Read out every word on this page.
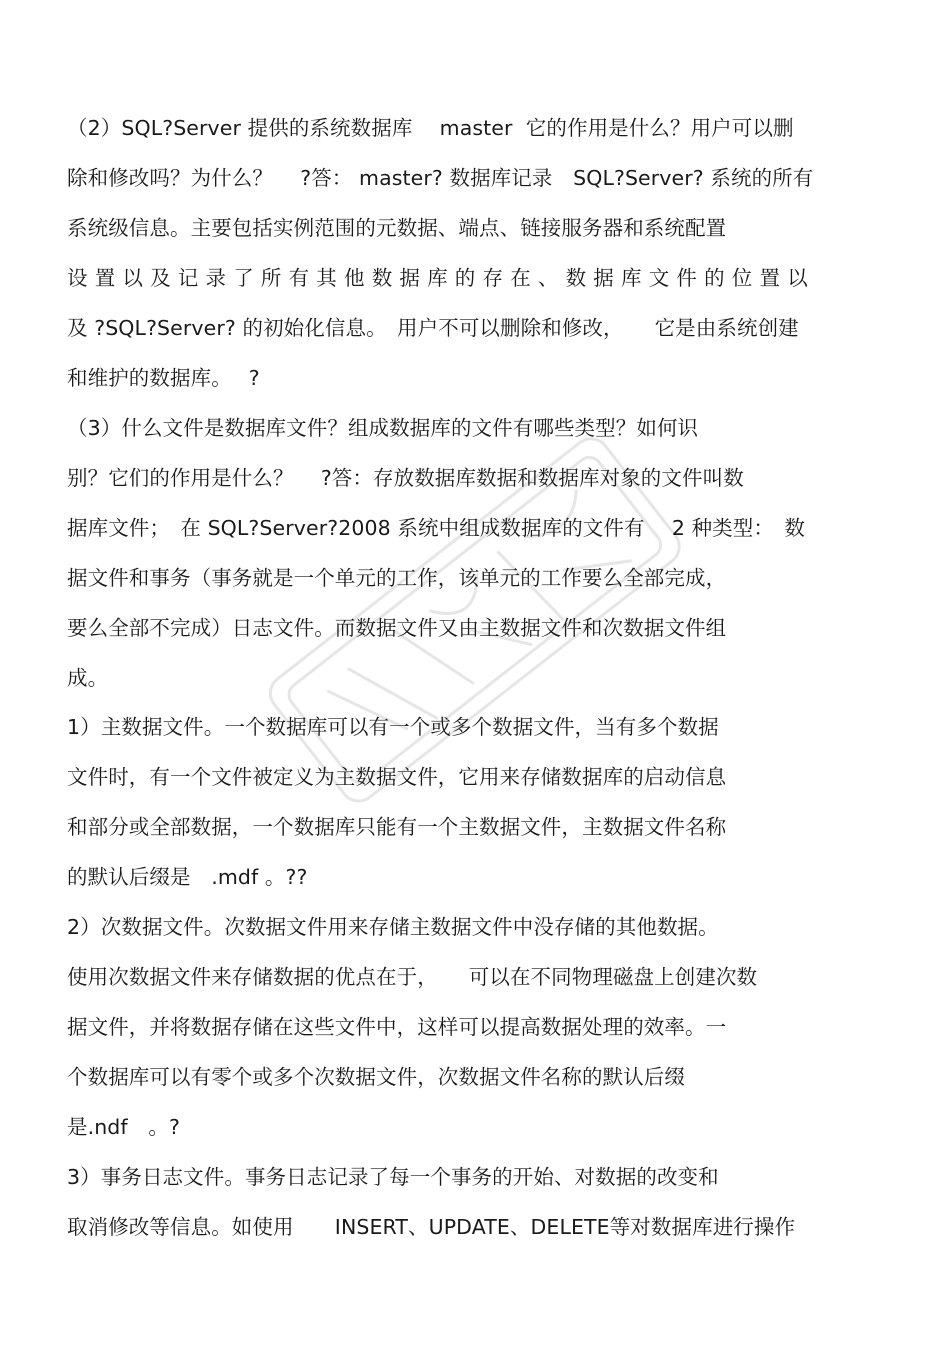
（2）SQL?Server 提供的系统数据库　 master  它的作用是什么？用户可以删
除和修改吗？为什么？　 ?答： master? 数据库记录　SQL?Server? 系统的所有
系统级信息。主要包括实例范围的元数据、端点、链接服务器和系统配置
设置以及记录了所有其他数据库的存在、数据库文件的位置以
及 ?SQL?Server? 的初始化信息。　用户不可以删除和修改，　　它是由系统创建
和维护的数据库。　 ?
（3）什么文件是数据库文件？组成数据库的文件有哪些类型？如何识
别？它们的作用是什么？　 ?答：存放数据库数据和数据库对象的文件叫数
据库文件；　在 SQL?Server?2008 系统中组成数据库的文件有　 2 种类型：　数
据文件和事务（事务就是一个单元的工作，该单元的工作要么全部完成，
要么全部不完成）日志文件。而数据文件又由主数据文件和次数据文件组
成。
1）主数据文件。一个数据库可以有一个或多个数据文件，当有多个数据
文件时，有一个文件被定义为主数据文件，它用来存储数据库的启动信息
和部分或全部数据，一个数据库只能有一个主数据文件，主数据文件名称
的默认后缀是　.mdf 。??
2）次数据文件。次数据文件用来存储主数据文件中没存储的其他数据。
使用次数据文件来存储数据的优点在于，　　可以在不同物理磁盘上创建次数
据文件，并将数据存储在这些文件中，这样可以提高数据处理的效率。一
个数据库可以有零个或多个次数据文件，次数据文件名称的默认后缀
是.ndf　。?
3）事务日志文件。事务日志记录了每一个事务的开始、对数据的改变和
取消修改等信息。如使用　　INSERT、UPDATE、DELETE等对数据库进行操作
